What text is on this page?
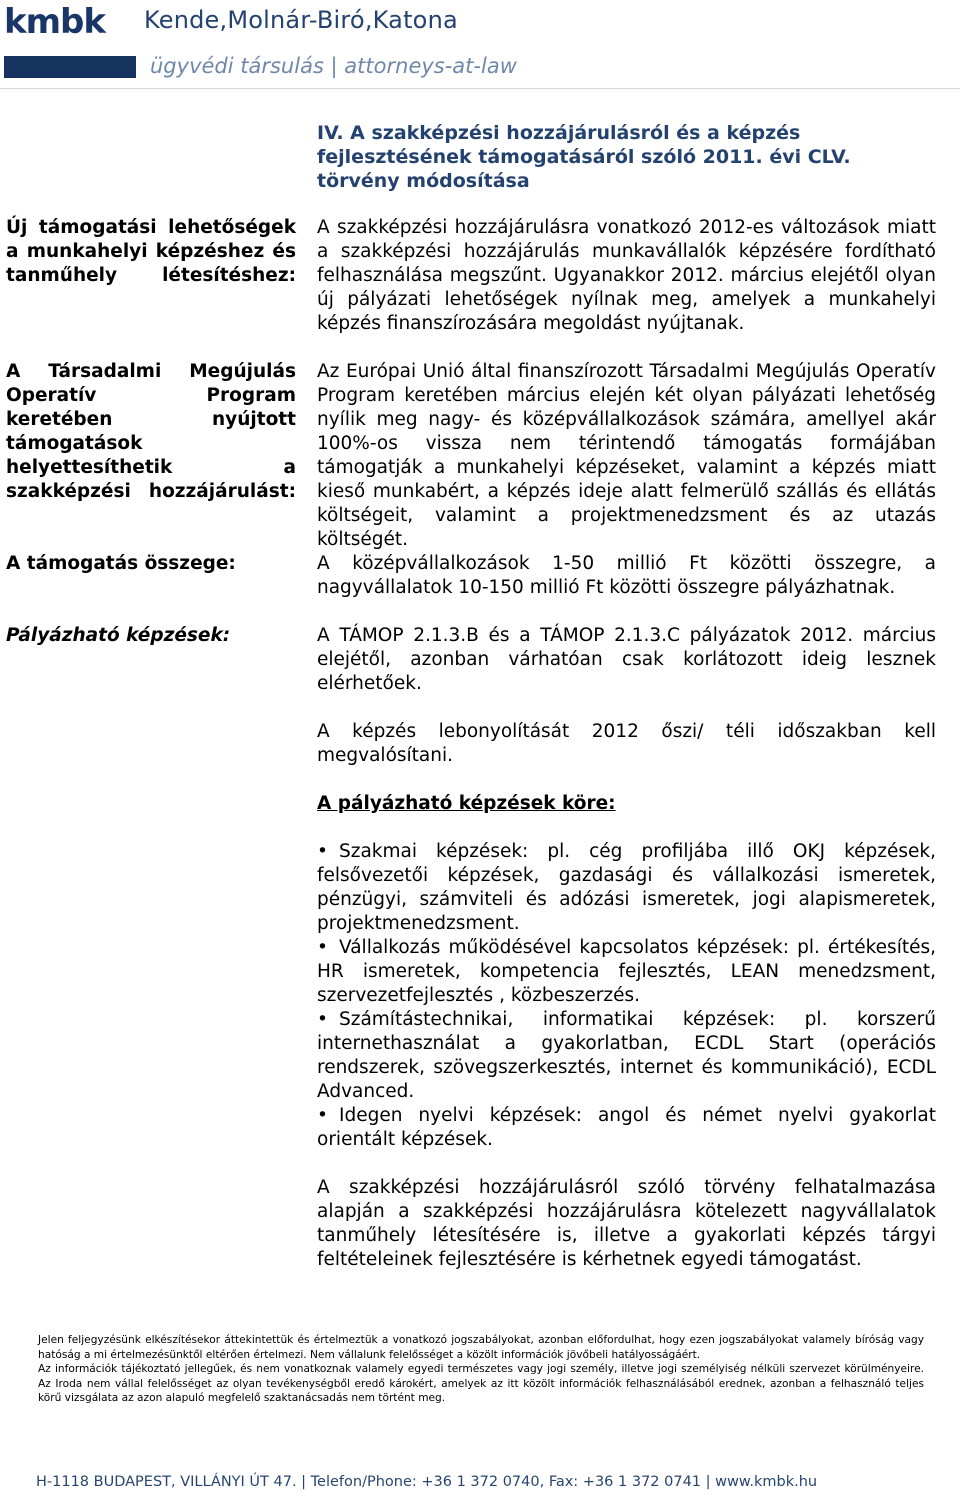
kmbk Kende,Molnár-Biró,Katona
ügyvédi társulás | attorneys-at-law
IV. A szakképzési hozzájárulásról és a képzés fejlesztésének támogatásáról szóló 2011. évi CLV. törvény módosítása
Új támogatási lehetőségek a munkahelyi képzéshez és tanműhely létesítéshez:
A Társadalmi Megújulás Operatív Program keretében nyújtott támogatások helyettesíthetik a szakképzési hozzájárulást:
A támogatás összege:
Pályázható képzések:
A szakképzési hozzájárulásra vonatkozó 2012-es változások miatt a szakképzési hozzájárulás munkavállalók képzésére fordítható felhasználása megszűnt. Ugyanakkor 2012. március elejétől olyan új pályázati lehetőségek nyílnak meg, amelyek a munkahelyi képzés finanszírozására megoldást nyújtanak.
Az Európai Unió által finanszírozott Társadalmi Megújulás Operatív Program keretében március elején két olyan pályázati lehetőség nyílik meg nagy- és középvállalkozások számára, amellyel akár 100%-os vissza nem térintendő támogatás formájában támogatják a munkahelyi képzéseket, valamint a képzés miatt kieső munkabért, a képzés ideje alatt felmerülő szállás és ellátás költségeit, valamint a projektmenedzsment és az utazás költségét.
A középvállalkozások 1-50 millió Ft közötti összegre, a nagyvállalatok 10-150 millió Ft közötti összegre pályázhatnak.
A TÁMOP 2.1.3.B és a TÁMOP 2.1.3.C pályázatok 2012. március elejétől, azonban várhatóan csak korlátozott ideig lesznek elérhetőek.
A képzés lebonyolítását 2012 őszi/ téli időszakban kell megvalósítani.
A pályázható képzések köre:
• Szakmai képzések: pl. cég profiljába illő OKJ képzések, felsővezetői képzések, gazdasági és vállalkozási ismeretek, pénzügyi, számviteli és adózási ismeretek, jogi alapismeretek, projektmenedzsment.
• Vállalkozás működésével kapcsolatos képzések: pl. értékesítés, HR ismeretek, kompetencia fejlesztés, LEAN menedzsment, szervezetfejlesztés , közbeszerzés.
• Számítástechnikai, informatikai képzések: pl. korszerű internethasználat a gyakorlatban, ECDL Start (operációs rendszerek, szövegszerkesztés, internet és kommunikáció), ECDL Advanced.
• Idegen nyelvi képzések: angol és német nyelvi gyakorlat orientált képzések.
A szakképzési hozzájárulásról szóló törvény felhatalmazása alapján a szakképzési hozzájárulásra kötelezett nagyvállalatok tanműhely létesítésére is, illetve a gyakorlati képzés tárgyi feltételeinek fejlesztésére is kérhetnek egyedi támogatást.

Jelen feljegyzésünk elkészítésekor áttekintettük és értelmeztük a vonatkozó jogszabályokat, azonban előfordulhat, hogy ezen jogszabályokat valamely bíróság vagy hatóság a mi értelmezésünktől eltérően értelmezi. Nem vállalunk felelősséget a közölt információk jövőbeli hatályosságáért.

Az információk tájékoztató jellegűek, és nem vonatkoznak valamely egyedi természetes vagy jogi személy, illetve jogi személyiség nélküli szervezet körülményeire. Az Iroda nem vállal felelősséget az olyan tevékenységből eredő károkért, amelyek az itt közölt információk felhasználásából erednek, azonban a felhasználó teljes körű vizsgálata az azon alapuló megfelelő szaktanácsadás nem történt meg.

H-1118 BUDAPEST, VILLÁNYI ÚT 47. | Telefon/Phone: +36 1 372 0740, Fax: +36 1 372 0741 | www.kmbk.hu
